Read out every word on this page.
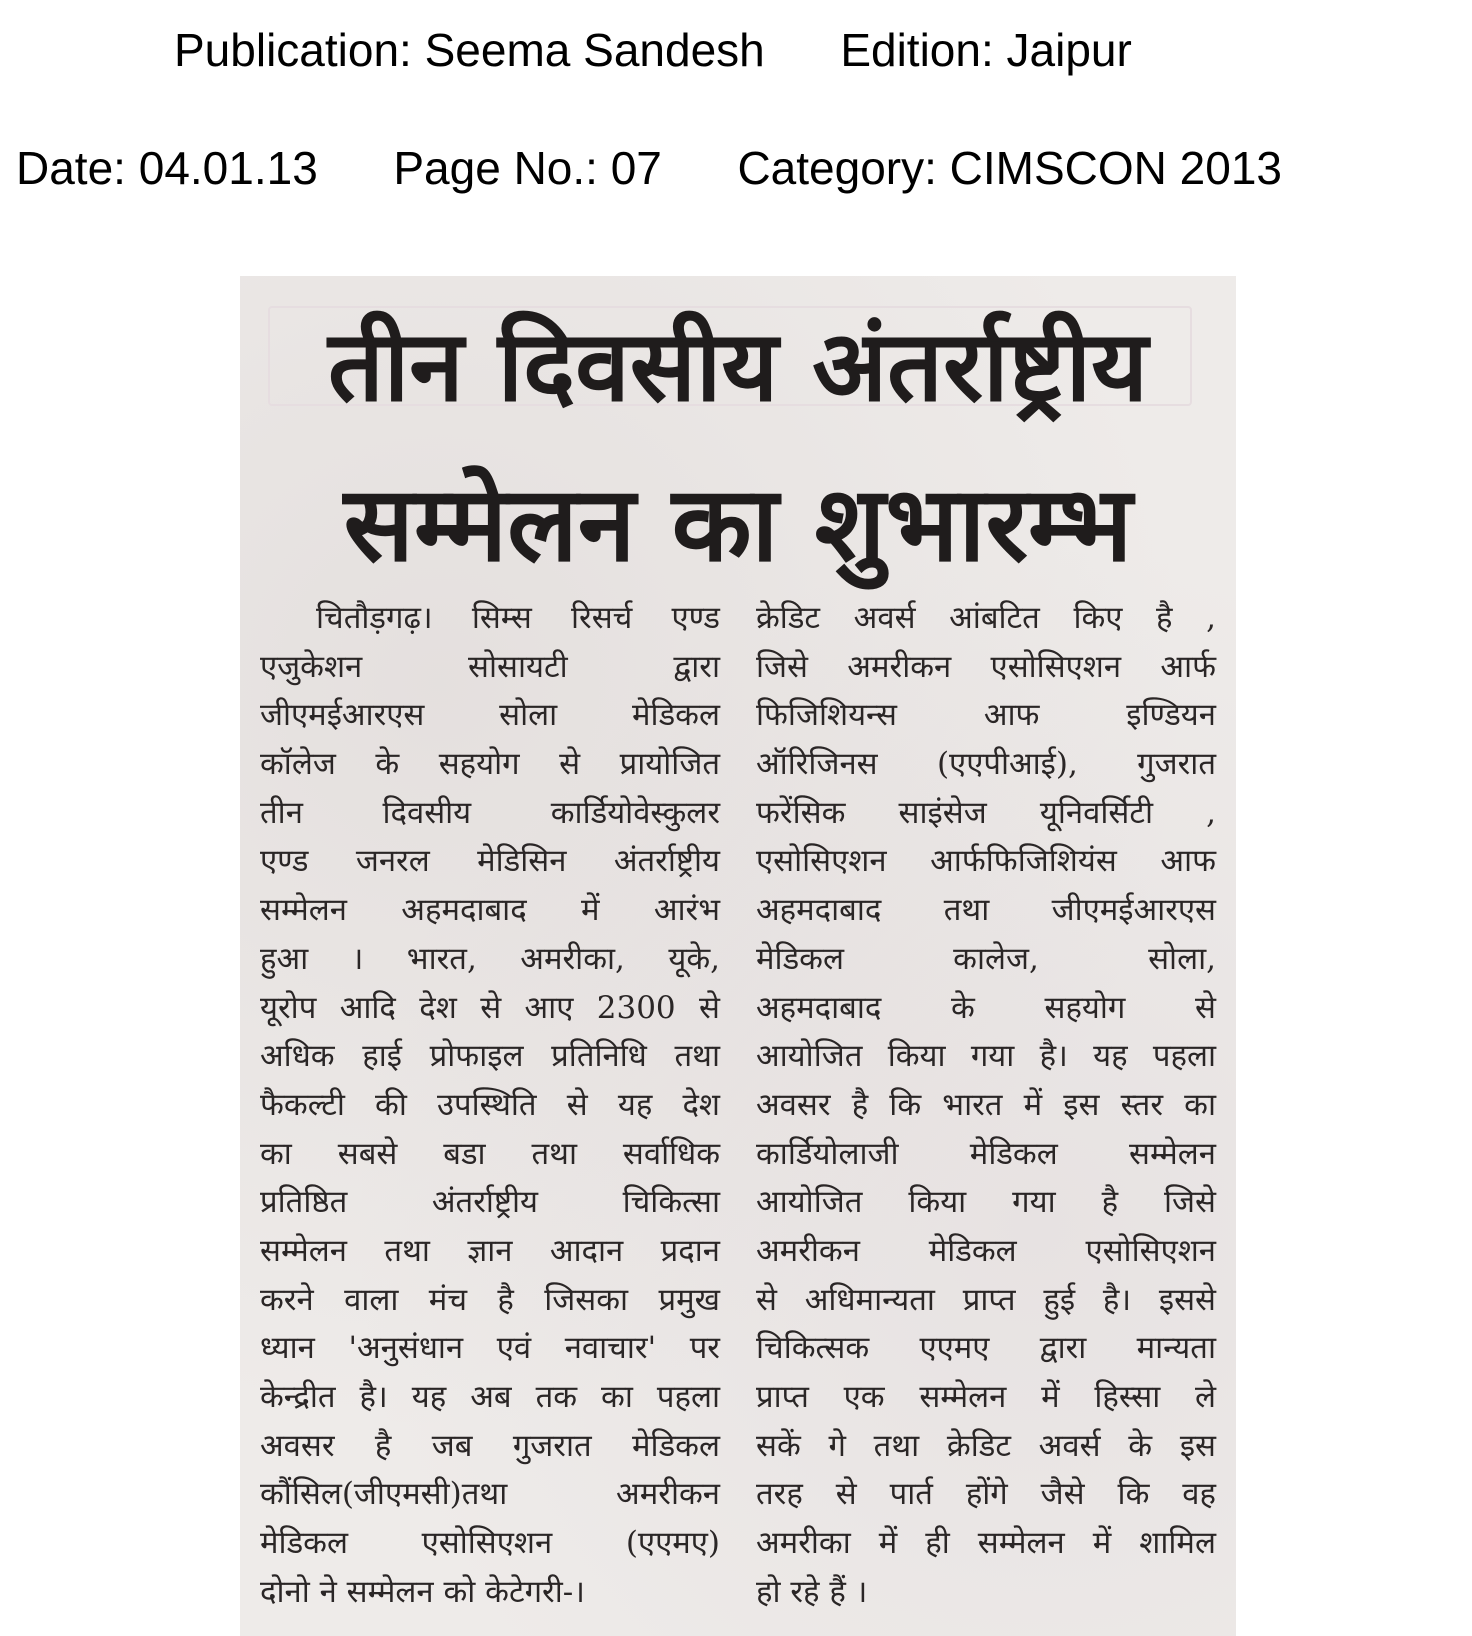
Publication: Seema Sandesh Edition: Jaipur
Date: 04.01.13 Page No.: 07 Category: CIMSCON 2013
तीन दिवसीय अंतर्राष्ट्रीय
सम्मेलन का शुभारम्भ
चितौड़गढ़। सिम्स रिसर्च एण्ड
एजुकेशन सोसायटी द्वारा
जीएमईआरएस सोला मेडिकल
कॉलेज के सहयोग से प्रायोजित
तीन दिवसीय कार्डियोवेस्कुलर
एण्ड जनरल मेडिसिन अंतर्राष्ट्रीय
सम्मेलन अहमदाबाद में आरंभ
हुआ । भारत, अमरीका, यूके,
यूरोप आदि देश से आए 2300 से
अधिक हाई प्रोफाइल प्रतिनिधि तथा
फैकल्टी की उपस्थिति से यह देश
का सबसे बडा तथा सर्वाधिक
प्रतिष्ठित अंतर्राष्ट्रीय चिकित्सा
सम्मेलन तथा ज्ञान आदान प्रदान
करने वाला मंच है जिसका प्रमुख
ध्यान 'अनुसंधान एवं नवाचार' पर
केन्द्रीत है। यह अब तक का पहला
अवसर है जब गुजरात मेडिकल
कौंसिल(जीएमसी)तथा अमरीकन
मेडिकल एसोसिएशन (एएमए)
दोनो ने सम्मेलन को केटेगरी-।
क्रेडिट अवर्स आंबटित किए है ,
जिसे अमरीकन एसोसिएशन आर्फ
फिजिशियन्स आफ इण्डियन
ऑरिजिनस (एएपीआई), गुजरात
फरेंसिक साइंसेज यूनिवर्सिटी ,
एसोसिएशन आर्फफिजिशियंस आफ
अहमदाबाद तथा जीएमईआरएस
मेडिकल कालेज, सोला,
अहमदाबाद के सहयोग से
आयोजित किया गया है। यह पहला
अवसर है कि भारत में इस स्तर का
कार्डियोलाजी मेडिकल सम्मेलन
आयोजित किया गया है जिसे
अमरीकन मेडिकल एसोसिएशन
से अधिमान्यता प्राप्त हुई है। इससे
चिकित्सक एएमए द्वारा मान्यता
प्राप्त एक सम्मेलन में हिस्सा ले
सकें गे तथा क्रेडिट अवर्स के इस
तरह से पार्त होंगे जैसे कि वह
अमरीका में ही सम्मेलन में शामिल
हो रहे हैं ।
